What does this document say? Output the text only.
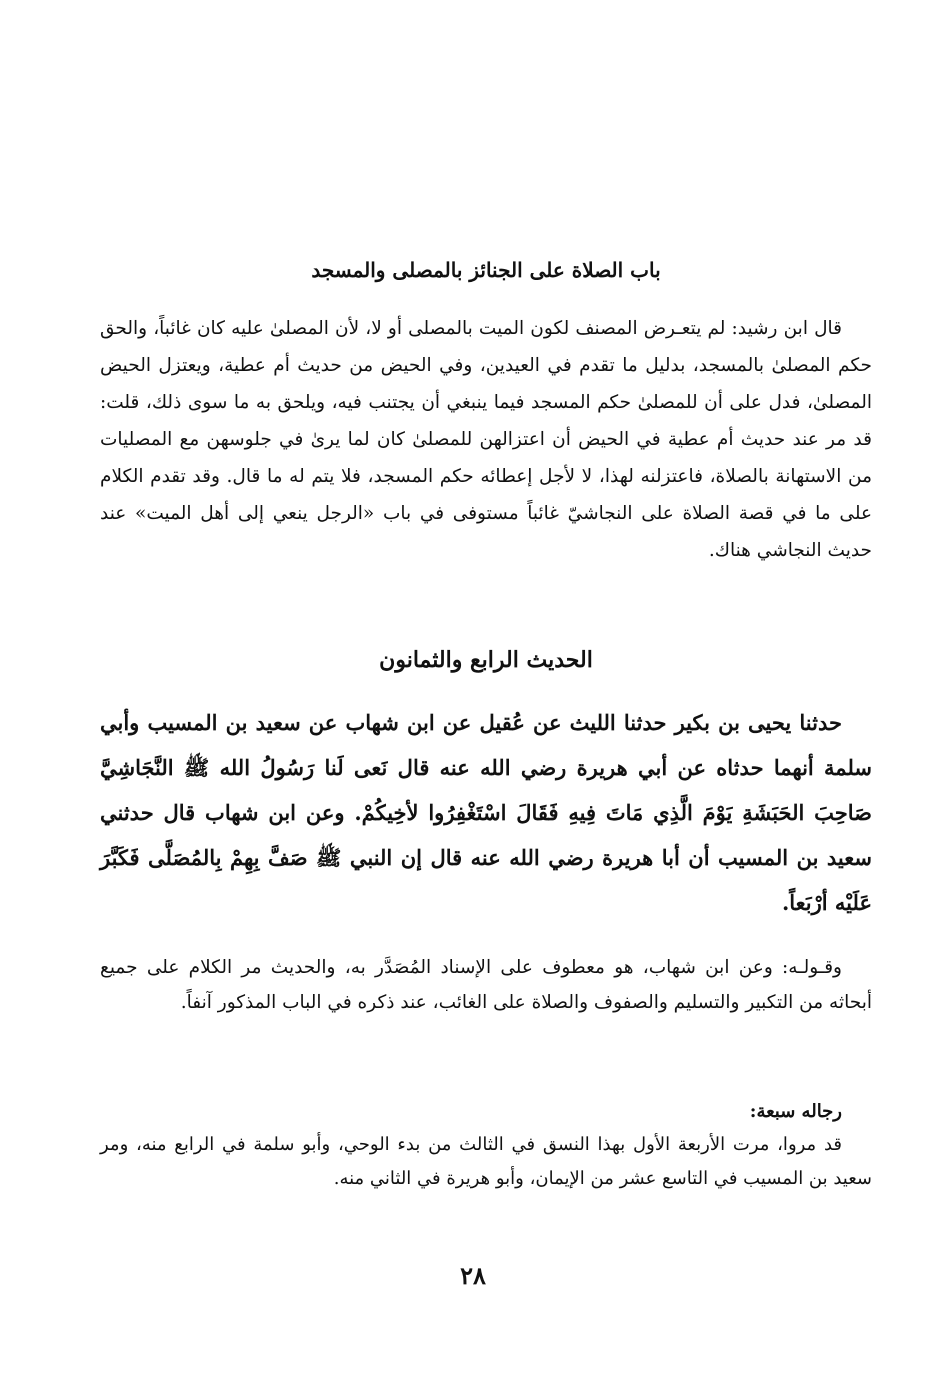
باب الصلاة على الجنائز بالمصلى والمسجد

قال ابن رشيد: لم يتعـرض المصنف لكون الميت بالمصلى أو لا، لأن المصلىٰ عليه كان غائباً، والحق حكم المصلىٰ بالمسجد، بدليل ما تقدم في العيدين، وفي الحيض من حديث أم عطية، ويعتزل الحيض المصلىٰ، فدل على أن للمصلىٰ حكم المسجد فيما ينبغي أن يجتنب فيه، ويلحق به ما سوى ذلك، قلت: قد مر عند حديث أم عطية في الحيض أن اعتزالهن للمصلىٰ كان لما يرىٰ في جلوسهن مع المصليات من الاستهانة بالصلاة، فاعتزلنه لهذا، لا لأجل إعطائه حكم المسجد، فلا يتم له ما قال. وقد تقدم الكلام على ما في قصة الصلاة على النجاشيّ غائباً مستوفى في باب «الرجل ينعي إلى أهل الميت» عند حديث النجاشي هناك.

الحديث الرابع والثمانون

حدثنا يحيى بن بكير حدثنا الليث عن عُقيل عن ابن شهاب عن سعيد بن المسيب وأبي سلمة أنهما حدثاه عن أبي هريرة رضي الله عنه قال نَعى لَنا رَسُولُ الله ﷺ النَّجَاشِيَّ صَاحِبَ الحَبَشَةِ يَوْمَ الَّذِي مَاتَ فِيهِ فَقَالَ اسْتَغْفِرُوا لأخِيكُمْ. وعن ابن شهاب قال حدثني سعيد بن المسيب أن أبا هريرة رضي الله عنه قال إن النبي ﷺ صَفَّ بِهِمْ بِالمُصَلَّى فَكَبَّرَ عَلَيْه أرْبَعاً.

وقـولـه: وعن ابن شهاب، هو معطوف على الإسناد المُصَدَّر به، والحديث مر الكلام على جميع أبحاثه من التكبير والتسليم والصفوف والصلاة على الغائب، عند ذكره في الباب المذكور آنفاً.

رجاله سبعة:

قد مروا، مرت الأربعة الأول بهذا النسق في الثالث من بدء الوحي، وأبو سلمة في الرابع منه، ومر سعيد بن المسيب في التاسع عشر من الإيمان، وأبو هريرة في الثاني منه.

٢٨
